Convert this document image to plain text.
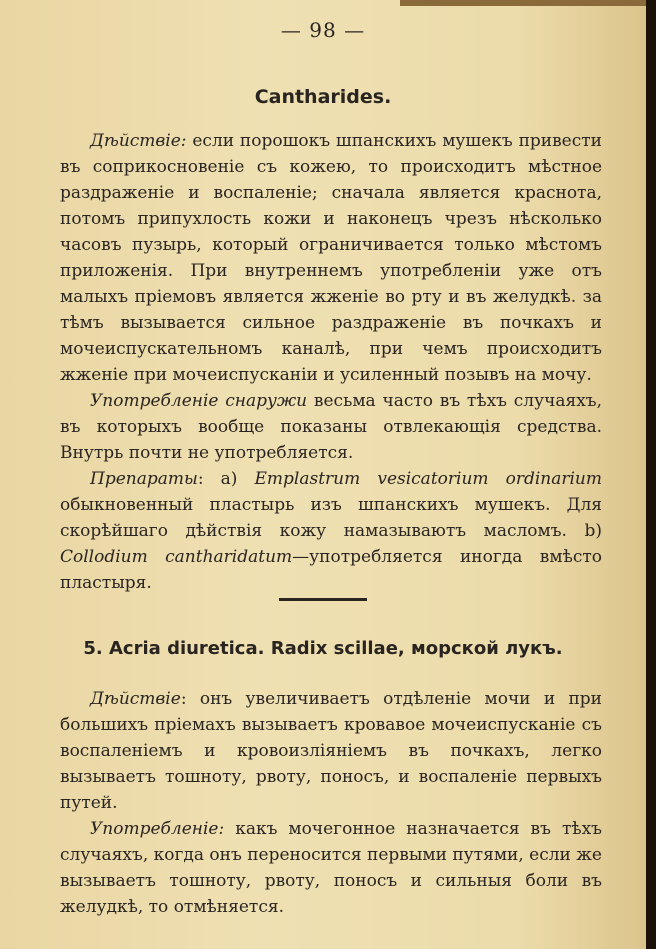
— 98 —
Cantharides.

Дѣйствіе: если порошокъ шпанскихъ мушекъ привести въ соприкосновеніе съ кожею, то происходитъ мѣстное раздраженіе и воспаленіе; сначала является краснота, потомъ припухлость кожи и наконецъ чрезъ нѣсколько часовъ пузырь, который ограничивается только мѣстомъ приложенія. При внутреннемъ употребленіи уже отъ малыхъ пріемовъ является жженіе во рту и въ желудкѣ. за тѣмъ вызывается сильное раздраженіе въ почкахъ и мочеиспускательномъ каналѣ, при чемъ происходитъ жженіе при мочеиспусканіи и усиленный позывъ на мочу.

Употребленіе снаружи весьма часто въ тѣхъ случаяхъ, въ которыхъ вообще показаны отвлекающія средства. Внутрь почти не употребляется.

Препараты: а) Emplastrum vesicatorium ordinarium обыкновенный пластырь изъ шпанскихъ мушекъ. Для скорѣйшаго дѣйствія кожу намазываютъ масломъ. b) Collodium cantharidatum—употребляется иногда вмѣсто пластыря.

5. Acria diuretica. Radix scillae, морской лукъ.

Дѣйствіе: онъ увеличиваетъ отдѣленіе мочи и при большихъ пріемахъ вызываетъ кровавое мочеиспусканіе съ воспаленіемъ и кровоизліяніемъ въ почкахъ, легко вызываетъ тошноту, рвоту, поносъ, и воспаленіе первыхъ путей.

Употребленіе: какъ мочегонное назначается въ тѣхъ случаяхъ, когда онъ переносится первыми путями, если же вызываетъ тошноту, рвоту, поносъ и сильныя боли въ желудкѣ, то отмѣняется.
